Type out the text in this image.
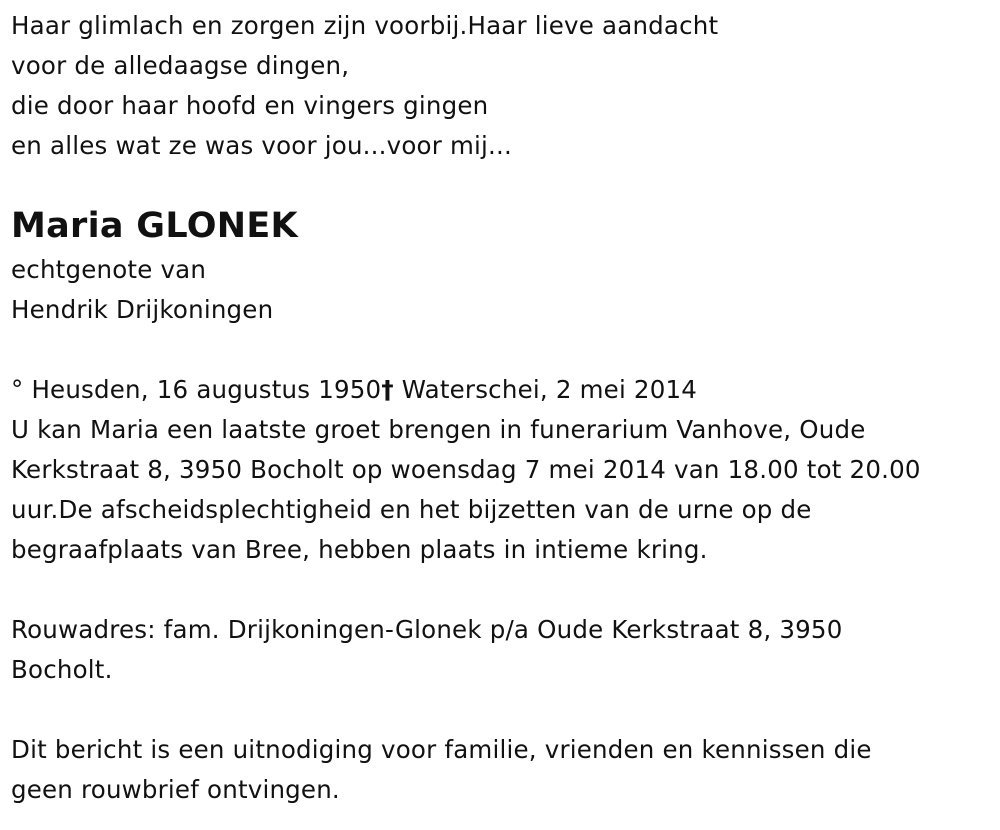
Haar glimlach en zorgen zijn voorbij.Haar lieve aandacht
voor de alledaagse dingen,
die door haar hoofd en vingers gingen
en alles wat ze was voor jou...voor mij...
Maria GLONEK
echtgenote van
Hendrik Drijkoningen
° Heusden, 16 augustus 1950† Waterschei, 2 mei 2014
U kan Maria een laatste groet brengen in funerarium Vanhove, Oude
Kerkstraat 8, 3950 Bocholt op woensdag 7 mei 2014 van 18.00 tot 20.00
uur.De afscheidsplechtigheid en het bijzetten van de urne op de
begraafplaats van Bree, hebben plaats in intieme kring.
Rouwadres: fam. Drijkoningen-Glonek p/a Oude Kerkstraat 8, 3950
Bocholt.
Dit bericht is een uitnodiging voor familie, vrienden en kennissen die
geen rouwbrief ontvingen.
